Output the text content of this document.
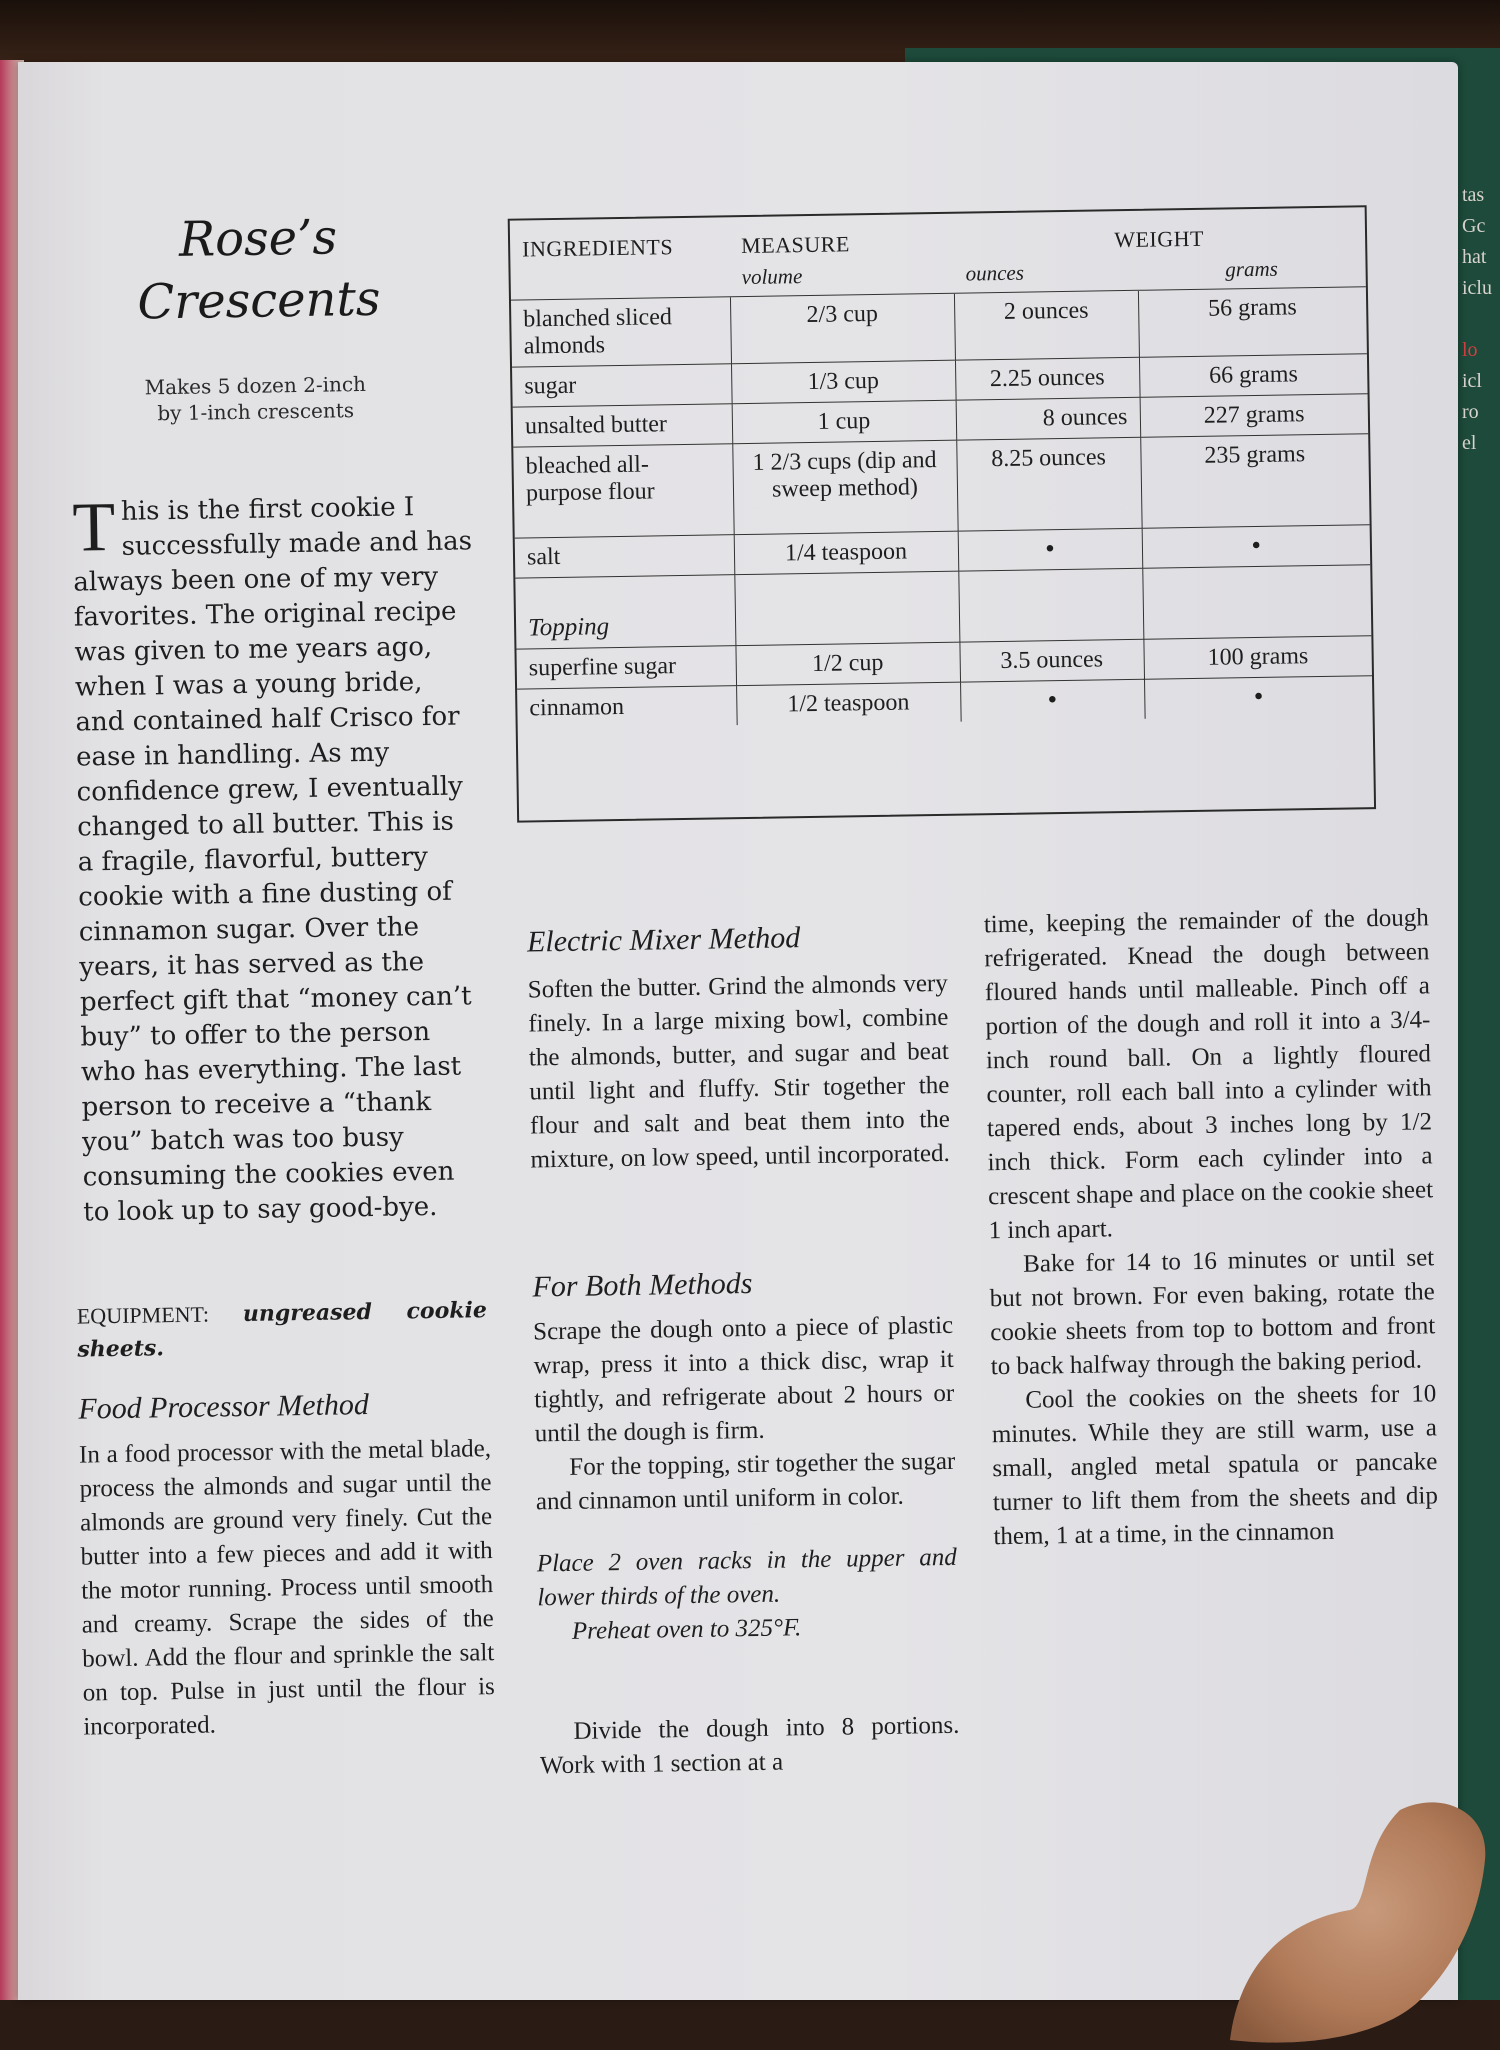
tas
Gc
hat
iclu
lo
icl
ro
el
Rose’s
Crescents
Makes 5 dozen 2-inch
by 1-inch crescents
This is the first cookie I successfully made and has always been one of my very favorites. The original recipe was given to me years ago, when I was a young bride, and contained half Crisco for ease in handling. As my confidence grew, I eventually changed to all butter. This is a fragile, flavorful, buttery cookie with a fine dusting of cinnamon sugar. Over the years, it has served as the perfect gift that “money can’t buy” to offer to the person who has everything. The last person to receive a “thank you” batch was too busy consuming the cookies even to look up to say good-bye.
EQUIPMENT: ungreased cookie sheets.
Food Processor Method

In a food processor with the metal blade, process the almonds and sugar until the almonds are ground very finely. Cut the butter into a few pieces and add it with the motor running. Process until smooth and creamy. Scrape the sides of the bowl. Add the flour and sprinkle the salt on top. Pulse in just until the flour is incorporated.

INGREDIENTS	MEASURE	WEIGHT	
	volume	ounces	grams
blanched sliced almonds	2/3 cup	2 ounces	56 grams
sugar	1/3 cup	2.25 ounces	66 grams
unsalted butter	1 cup	8 ounces	227 grams
bleached all-purpose flour	1 2/3 cups (dip and sweep method)	8.25 ounces	235 grams
salt	1/4 teaspoon	•	•
Topping			
superfine sugar	1/2 cup	3.5 ounces	100 grams
cinnamon	1/2 teaspoon	•	•
Electric Mixer Method

Soften the butter. Grind the almonds very finely. In a large mixing bowl, combine the almonds, butter, and sugar and beat until light and fluffy. Stir together the flour and salt and beat them into the mixture, on low speed, until incorporated.

For Both Methods

Scrape the dough onto a piece of plastic wrap, press it into a thick disc, wrap it tightly, and refrigerate about 2 hours or until the dough is firm.

For the topping, stir together the sugar and cinnamon until uniform in color.

Place 2 oven racks in the upper and lower thirds of the oven.

Preheat oven to 325°F.

Divide the dough into 8 portions. Work with 1 section at a

time, keeping the remainder of the dough refrigerated. Knead the dough between floured hands until malleable. Pinch off a portion of the dough and roll it into a 3/4-inch round ball. On a lightly floured counter, roll each ball into a cylinder with tapered ends, about 3 inches long by 1/2 inch thick. Form each cylinder into a crescent shape and place on the cookie sheet 1 inch apart.

Bake for 14 to 16 minutes or until set but not brown. For even baking, rotate the cookie sheets from top to bottom and front to back halfway through the baking period.

Cool the cookies on the sheets for 10 minutes. While they are still warm, use a small, angled metal spatula or pancake turner to lift them from the sheets and dip them, 1 at a time, in the cinnamon
